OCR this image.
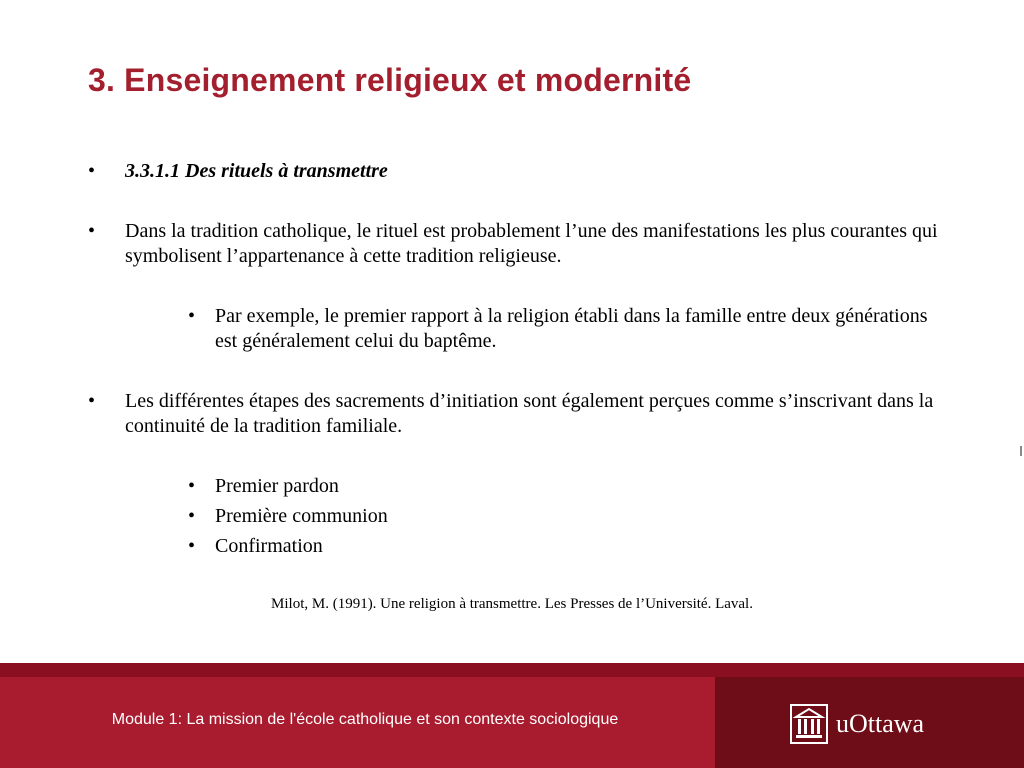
3. Enseignement religieux et modernité
• 3.3.1.1 Des rituels à transmettre
• Dans la tradition catholique, le rituel est probablement l’une des manifestations les plus courantes qui symbolisent l’appartenance à cette tradition religieuse.
• Par exemple, le premier rapport à la religion établi dans la famille entre deux générations est généralement celui du baptême.
• Les différentes étapes des sacrements d’initiation sont également perçues comme s’inscrivant dans la continuité de la tradition familiale.
• Premier pardon
• Première communion
• Confirmation
Milot, M. (1991). Une religion à transmettre. Les Presses de l’Université. Laval.
Module 1: La mission de l'école catholique et son contexte sociologique	uOttawa
